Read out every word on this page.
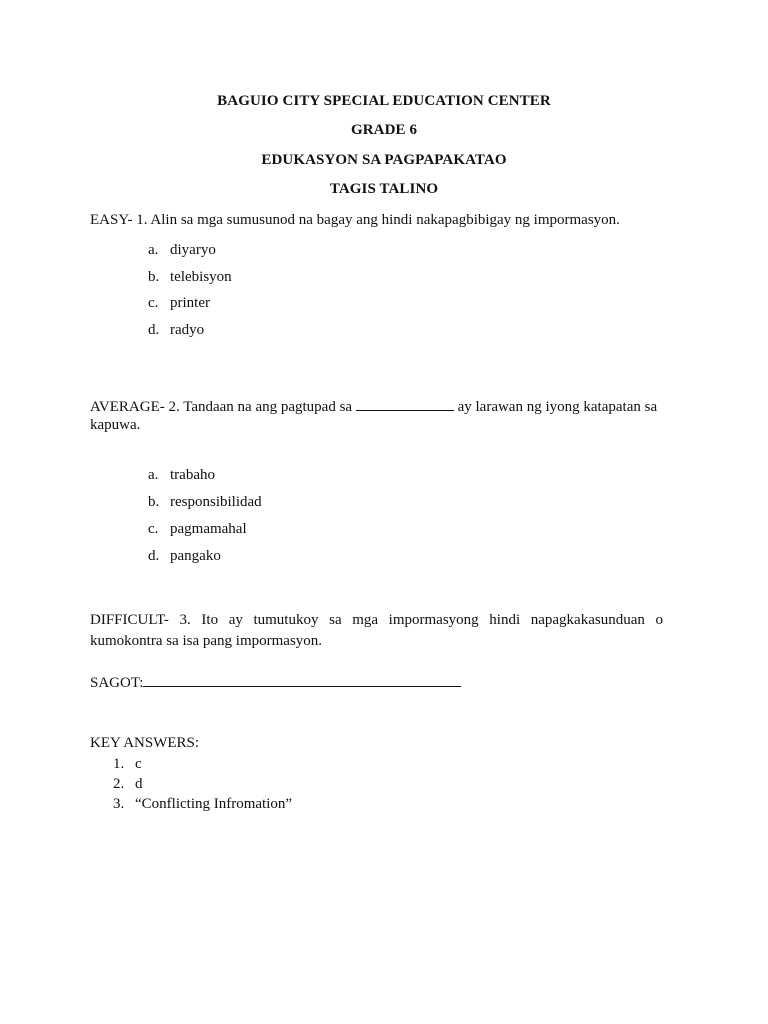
BAGUIO CITY SPECIAL EDUCATION CENTER
GRADE 6
EDUKASYON SA PAGPAPAKATAO
TAGIS TALINO
EASY- 1. Alin sa mga sumusunod na bagay ang hindi nakapagbibigay ng impormasyon.
a. diyaryo
b. telebisyon
c. printer
d. radyo
AVERAGE- 2. Tandaan na ang pagtupad sa	ay larawan ng iyong katapatan sa
kapuwa.
a. trabaho
b. responsibilidad
c. pagmamahal
d. pangako
DIFFICULT- 3. Ito ay tumutukoy sa mga impormasyong hindi napagkakasunduan o
kumokontra sa isa pang impormasyon.
SAGOT:
KEY ANSWERS:
1. c
2. d
3. “Conflicting Infromation”
